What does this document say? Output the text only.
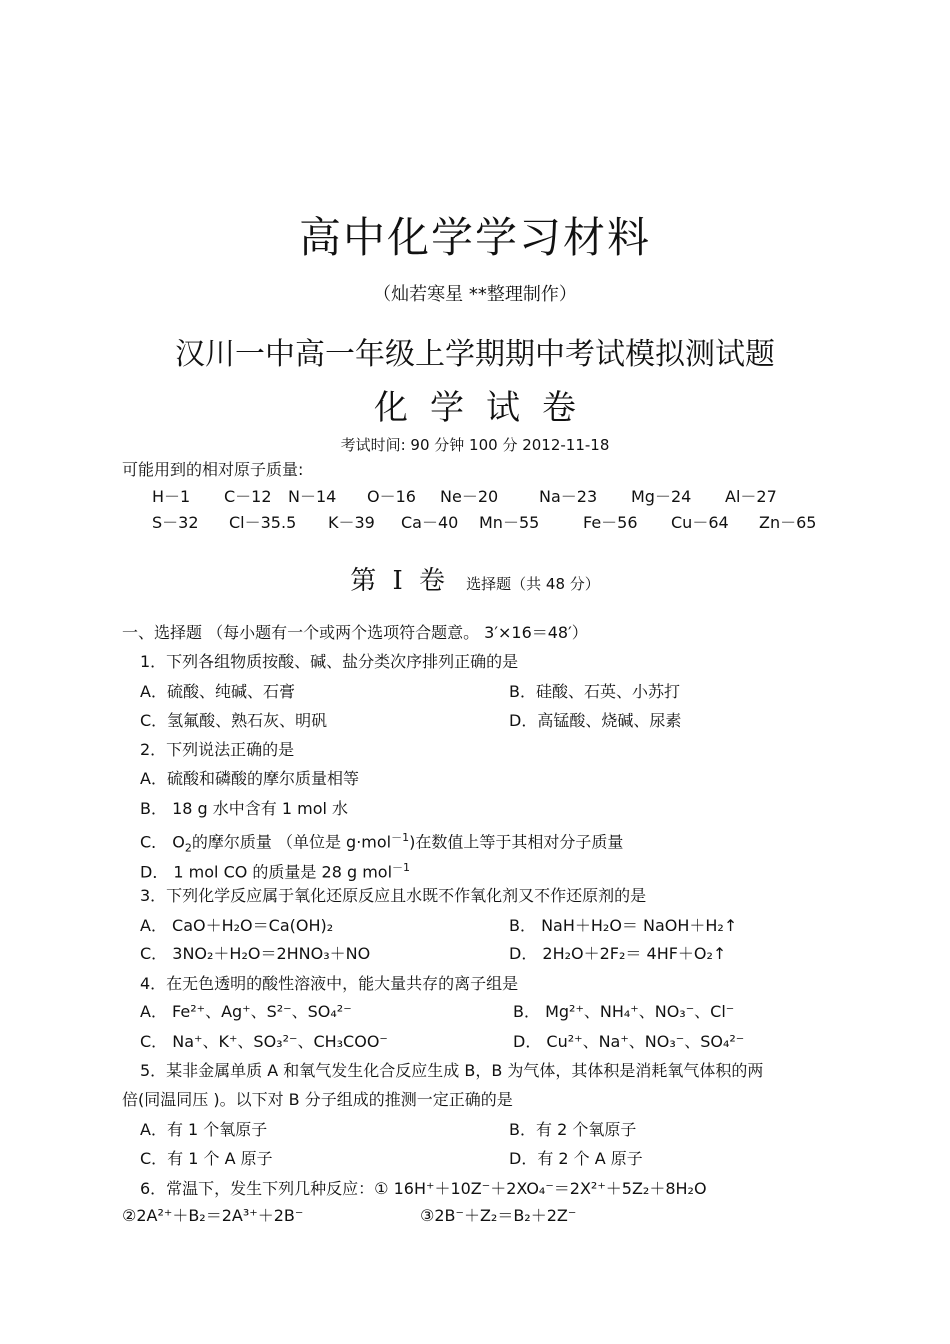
高中化学学习材料
（灿若寒星 **整理制作）
汉川一中高一年级上学期期中考试模拟测试题
化学试卷
考试时间: 90 分钟 100 分 2012-11-18
可能用到的相对原子质量:
H－1 C－12 N－14 O－16 Ne－20	Na－23 Mg－24 Al－27
S－32 Cl－35.5 K－39 Ca－40 Mn－55	Fe－56 Cu－64 Zn－65
第 Ⅰ 卷 选择题（共 48 分）
一、选择题 （每小题有一个或两个选项符合题意。 3′×16＝48′）
1．下列各组物质按酸、碱、盐分类次序排列正确的是
A．硫酸、纯碱、石膏	B．硅酸、石英、小苏打
C．氢氟酸、熟石灰、明矾	D．高锰酸、烧碱、尿素
2．下列说法正确的是
A．硫酸和磷酸的摩尔质量相等
B． 18 g 水中含有 1 mol 水
C． $O_2$的摩尔质量 （单位是 g·mol$^{-1}$)在数值上等于其相对分子质量
D． 1 mol CO 的质量是 28 g mol$^{-1}$
3．下列化学反应属于氧化还原反应且水既不作氧化剂又不作还原剂的是
A． CaO＋H₂O＝Ca(OH)₂	B． NaH＋H₂O＝ NaOH＋H₂↑
C． 3NO₂＋H₂O＝2HNO₃＋NO	D． 2H₂O＋2F₂＝ 4HF＋O₂↑
4．在无色透明的酸性溶液中，能大量共存的离子组是
A． Fe²⁺、Ag⁺、S²⁻、SO₄²⁻	B． Mg²⁺、NH₄⁺、NO₃⁻、Cl⁻
C． Na⁺、K⁺、SO₃²⁻、CH₃COO⁻	D． Cu²⁺、Na⁺、NO₃⁻、SO₄²⁻
5．某非金属单质 A 和氧气发生化合反应生成 B，B 为气体，其体积是消耗氧气体积的两
倍(同温同压 )。以下对 B 分子组成的推测一定正确的是
A．有 1 个氧原子	B．有 2 个氧原子
C．有 1 个 A 原子	D．有 2 个 A 原子
6．常温下，发生下列几种反应：① 16H⁺＋10Z⁻＋2XO₄⁻＝2X²⁺＋5Z₂＋8H₂O
②2A²⁺＋B₂＝2A³⁺＋2B⁻	③2B⁻＋Z₂＝B₂＋2Z⁻
